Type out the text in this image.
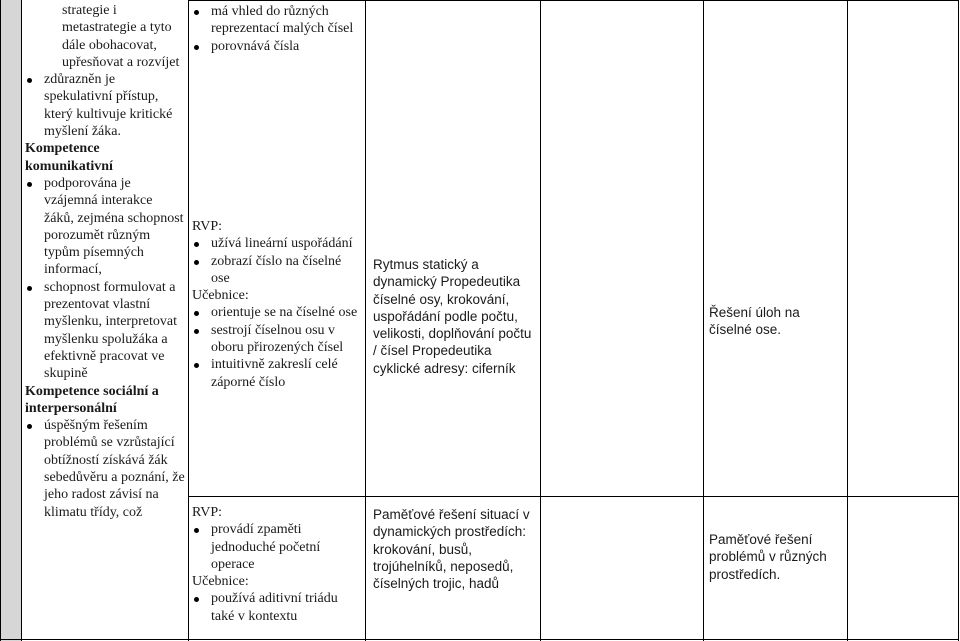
strategie i metastrategie a tyto dále obohacovat, upřesňovat a rozvíjet
zdůrazněn je spekulativní přístup, který kultivuje kritické myšlení žáka.
Kompetence komunikativní
podporována je vzájemná interakce žáků, zejména schopnost porozumět různým typům písemných informací,
schopnost formulovat a prezentovat vlastní myšlenku, interpretovat myšlenku spolužáka a efektivně pracovat ve skupině
Kompetence sociální a interpersonální
úspěšným řešením problémů se vzrůstající obtížností získává žák sebedůvěru a poznání, že jeho radost závisí na klimatu třídy, což
má vhled do různých reprezentací malých čísel
porovnává čísla
RVP:
užívá lineární uspořádání
zobrazí číslo na číselné ose
Učebnice:
orientuje se na číselné ose
sestrojí číselnou osu v oboru přirozených čísel
intuitivně zakreslí celé záporné číslo
RVP:
provádí zpaměti jednoduché početní operace
Učebnice:
používá aditivní triádu také v kontextu
Rytmus statický a dynamický Propedeutika číselné osy, krokování, uspořádání podle počtu, velikosti, doplňování počtu / čísel Propedeutika cyklické adresy: ciferník
Paměťové řešení situací v dynamických prostředích: krokování, busů, trojúhelníků, neposedů, číselných trojic, hadů
Řešení úloh na číselné ose.
Paměťové řešení problémů v různých prostředích.
